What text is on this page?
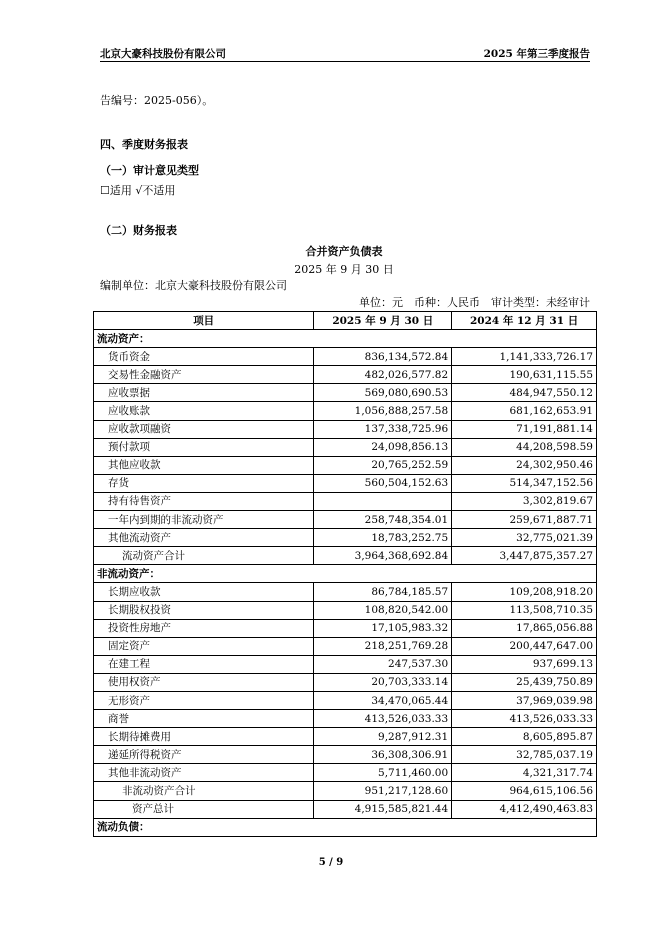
北京大豪科技股份有限公司	2025 年第三季度报告
告编号：2025-056）。
四、季度财务报表
（一）审计意见类型
☐适用 √不适用
（二）财务报表
合并资产负债表
2025 年 9 月 30 日
编制单位：北京大豪科技股份有限公司
单位：元　币种：人民币　审计类型：未经审计
项目	2025 年 9 月 30 日	2024 年 12 月 31 日
流动资产：		
货币资金	836,134,572.84	1,141,333,726.17
交易性金融资产	482,026,577.82	190,631,115.55
应收票据	569,080,690.53	484,947,550.12
应收账款	1,056,888,257.58	681,162,653.91
应收款项融资	137,338,725.96	71,191,881.14
预付款项	24,098,856.13	44,208,598.59
其他应收款	20,765,252.59	24,302,950.46
存货	560,504,152.63	514,347,152.56
持有待售资产		3,302,819.67
一年内到期的非流动资产	258,748,354.01	259,671,887.71
其他流动资产	18,783,252.75	32,775,021.39
流动资产合计	3,964,368,692.84	3,447,875,357.27
非流动资产：		
长期应收款	86,784,185.57	109,208,918.20
长期股权投资	108,820,542.00	113,508,710.35
投资性房地产	17,105,983.32	17,865,056.88
固定资产	218,251,769.28	200,447,647.00
在建工程	247,537.30	937,699.13
使用权资产	20,703,333.14	25,439,750.89
无形资产	34,470,065.44	37,969,039.98
商誉	413,526,033.33	413,526,033.33
长期待摊费用	9,287,912.31	8,605,895.87
递延所得税资产	36,308,306.91	32,785,037.19
其他非流动资产	5,711,460.00	4,321,317.74
非流动资产合计	951,217,128.60	964,615,106.56
资产总计	4,915,585,821.44	4,412,490,463.83
流动负债：		
5 / 9
